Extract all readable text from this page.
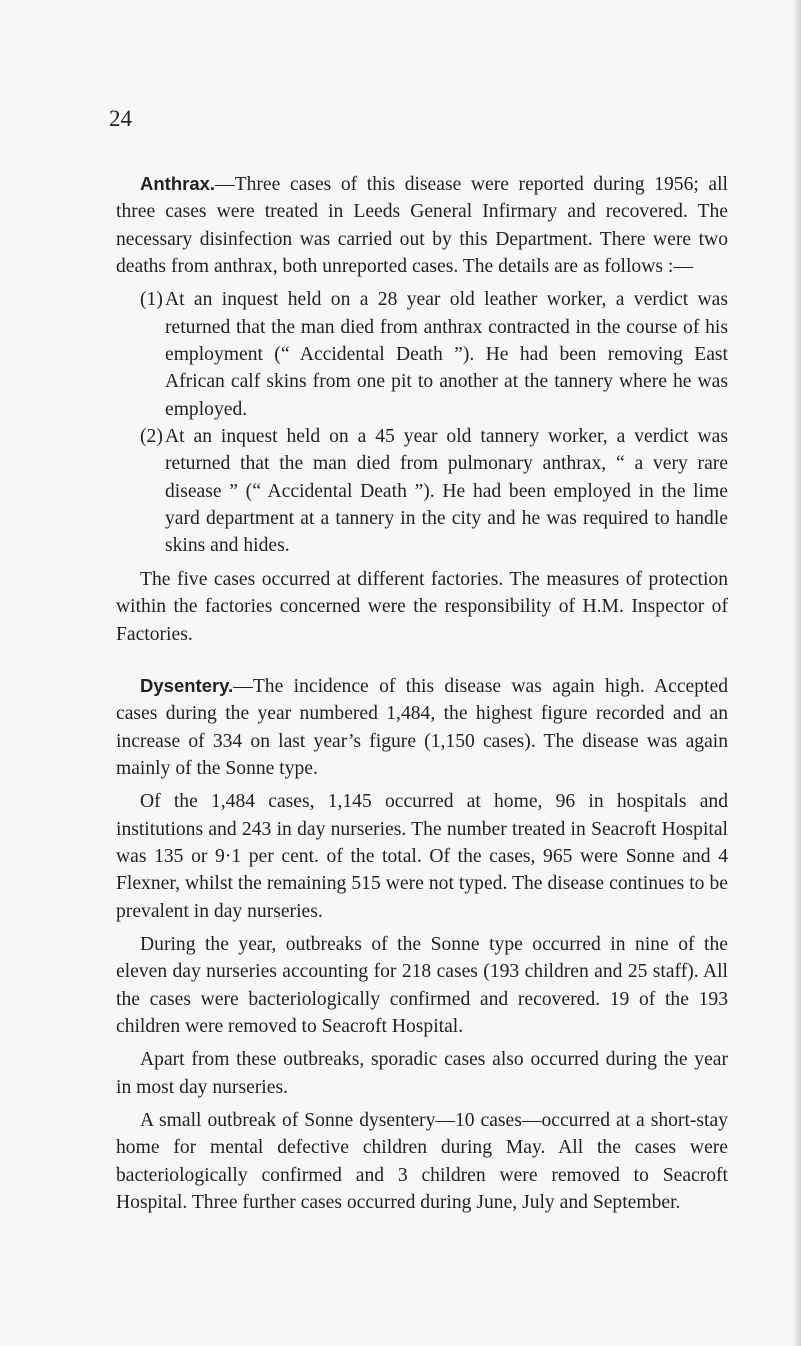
24

Anthrax.—Three cases of this disease were reported during 1956; all three cases were treated in Leeds General Infirmary and recovered. The necessary disinfection was carried out by this Department. There were two deaths from anthrax, both unreported cases. The details are as follows :—

(1) At an inquest held on a 28 year old leather worker, a verdict was returned that the man died from anthrax contracted in the course of his employment (“ Accidental Death ”). He had been removing East African calf skins from one pit to another at the tannery where he was employed.

(2) At an inquest held on a 45 year old tannery worker, a verdict was returned that the man died from pulmonary anthrax, “ a very rare disease ” (“ Accidental Death ”). He had been employed in the lime yard department at a tannery in the city and he was required to handle skins and hides.

The five cases occurred at different factories. The measures of protection within the factories concerned were the responsibility of H.M. Inspector of Factories.

Dysentery.—The incidence of this disease was again high. Accepted cases during the year numbered 1,484, the highest figure recorded and an increase of 334 on last year’s figure (1,150 cases). The disease was again mainly of the Sonne type.

Of the 1,484 cases, 1,145 occurred at home, 96 in hospitals and institutions and 243 in day nurseries. The number treated in Seacroft Hospital was 135 or 9·1 per cent. of the total. Of the cases, 965 were Sonne and 4 Flexner, whilst the remaining 515 were not typed. The disease continues to be prevalent in day nurseries.

During the year, outbreaks of the Sonne type occurred in nine of the eleven day nurseries accounting for 218 cases (193 children and 25 staff). All the cases were bacteriologically confirmed and recovered. 19 of the 193 children were removed to Seacroft Hospital.

Apart from these outbreaks, sporadic cases also occurred during the year in most day nurseries.

A small outbreak of Sonne dysentery—10 cases—occurred at a short-stay home for mental defective children during May. All the cases were bacteriologically confirmed and 3 children were removed to Seacroft Hospital. Three further cases occurred during June, July and September.
